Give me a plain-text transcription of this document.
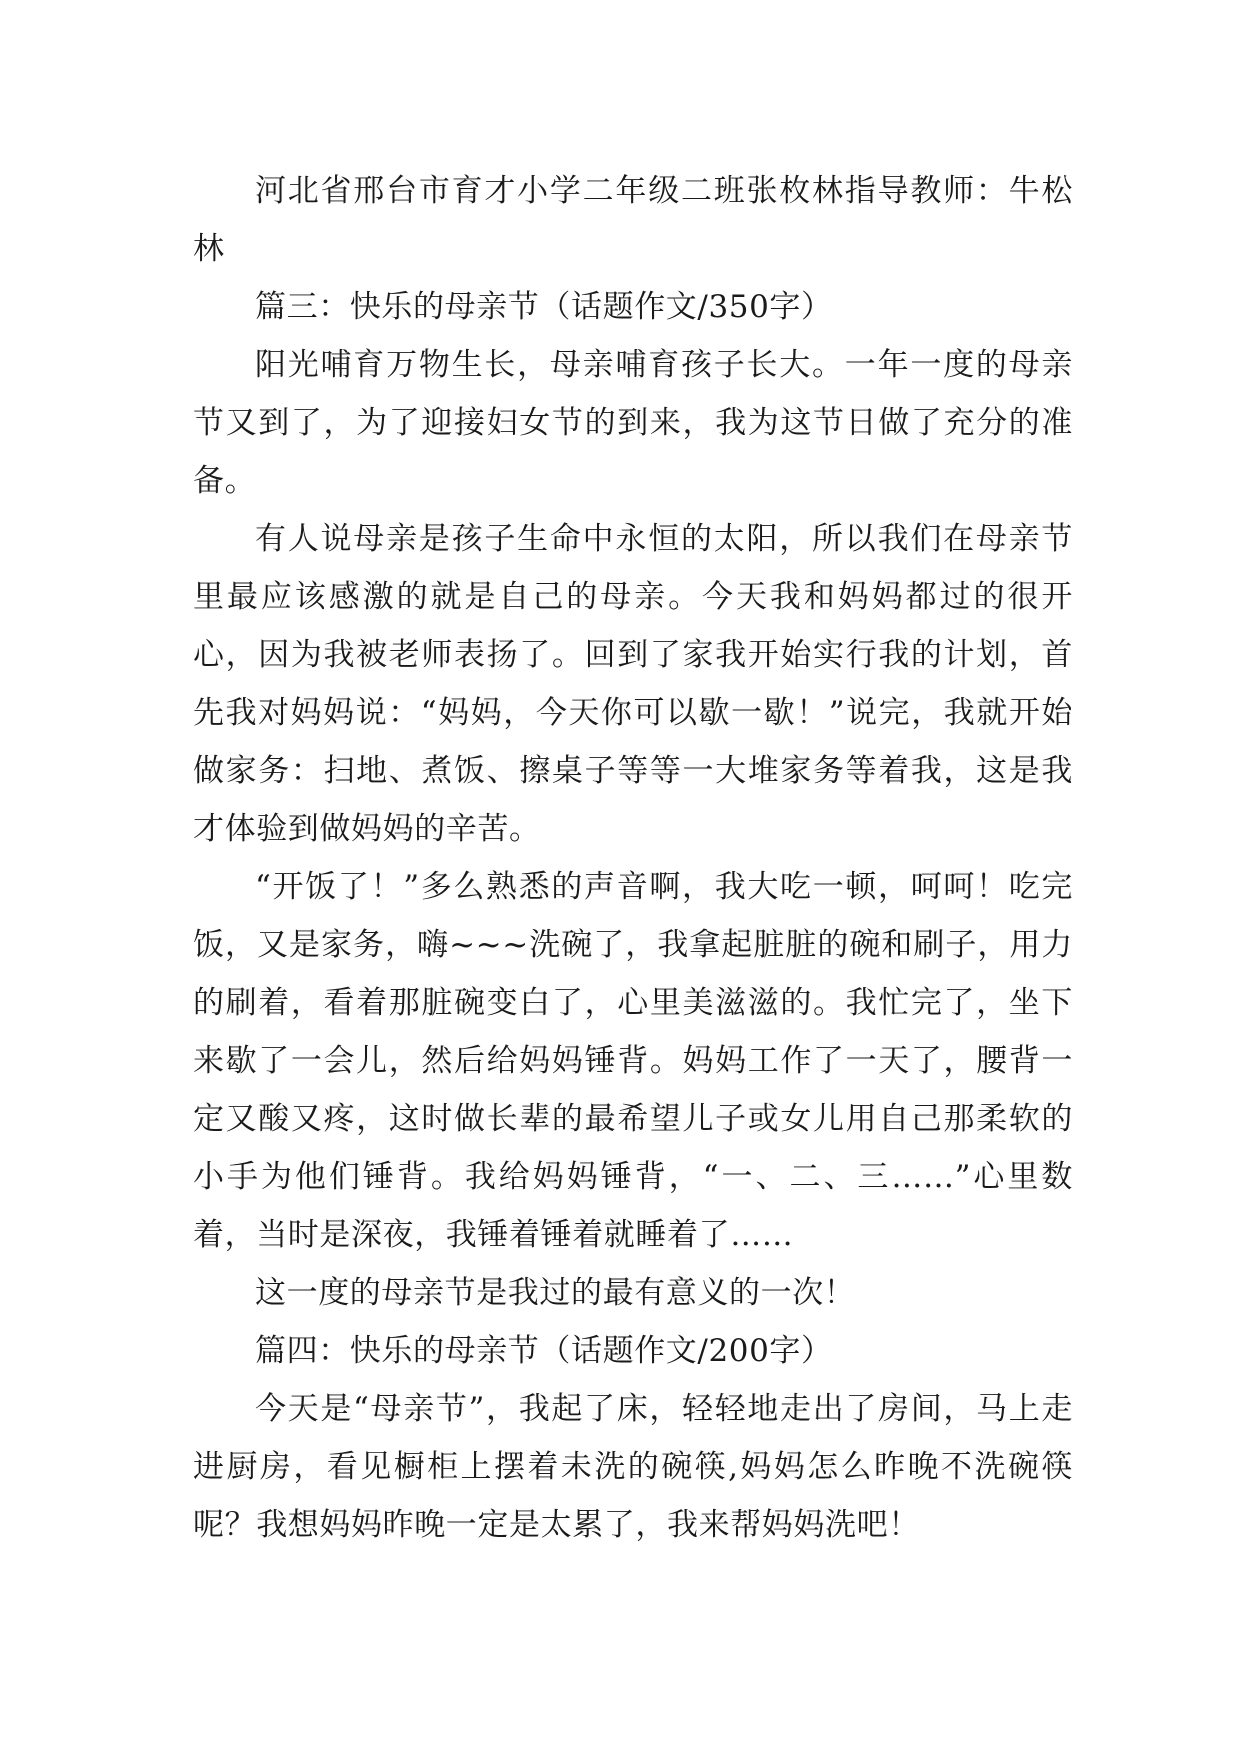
河北省邢台市育才小学二年级二班张枚林指导教师：牛松林

篇三：快乐的母亲节（话题作文/350字）

阳光哺育万物生长，母亲哺育孩子长大。一年一度的母亲节又到了，为了迎接妇女节的到来，我为这节日做了充分的准备。

有人说母亲是孩子生命中永恒的太阳，所以我们在母亲节里最应该感激的就是自己的母亲。今天我和妈妈都过的很开心，因为我被老师表扬了。回到了家我开始实行我的计划，首先我对妈妈说：“妈妈，今天你可以歇一歇！”说完，我就开始做家务：扫地、煮饭、擦桌子等等一大堆家务等着我，这是我才体验到做妈妈的辛苦。

“开饭了！”多么熟悉的声音啊，我大吃一顿，呵呵！吃完饭，又是家务，嗨~~~洗碗了，我拿起脏脏的碗和刷子，用力的刷着，看着那脏碗变白了，心里美滋滋的。我忙完了，坐下来歇了一会儿，然后给妈妈锤背。妈妈工作了一天了，腰背一定又酸又疼，这时做长辈的最希望儿子或女儿用自己那柔软的小手为他们锤背。我给妈妈锤背，“一、二、三……”心里数着，当时是深夜，我锤着锤着就睡着了……

这一度的母亲节是我过的最有意义的一次！

篇四：快乐的母亲节（话题作文/200字）

今天是“母亲节”，我起了床，轻轻地走出了房间，马上走进厨房，看见橱柜上摆着未洗的碗筷,妈妈怎么昨晚不洗碗筷呢？我想妈妈昨晚一定是太累了，我来帮妈妈洗吧！
